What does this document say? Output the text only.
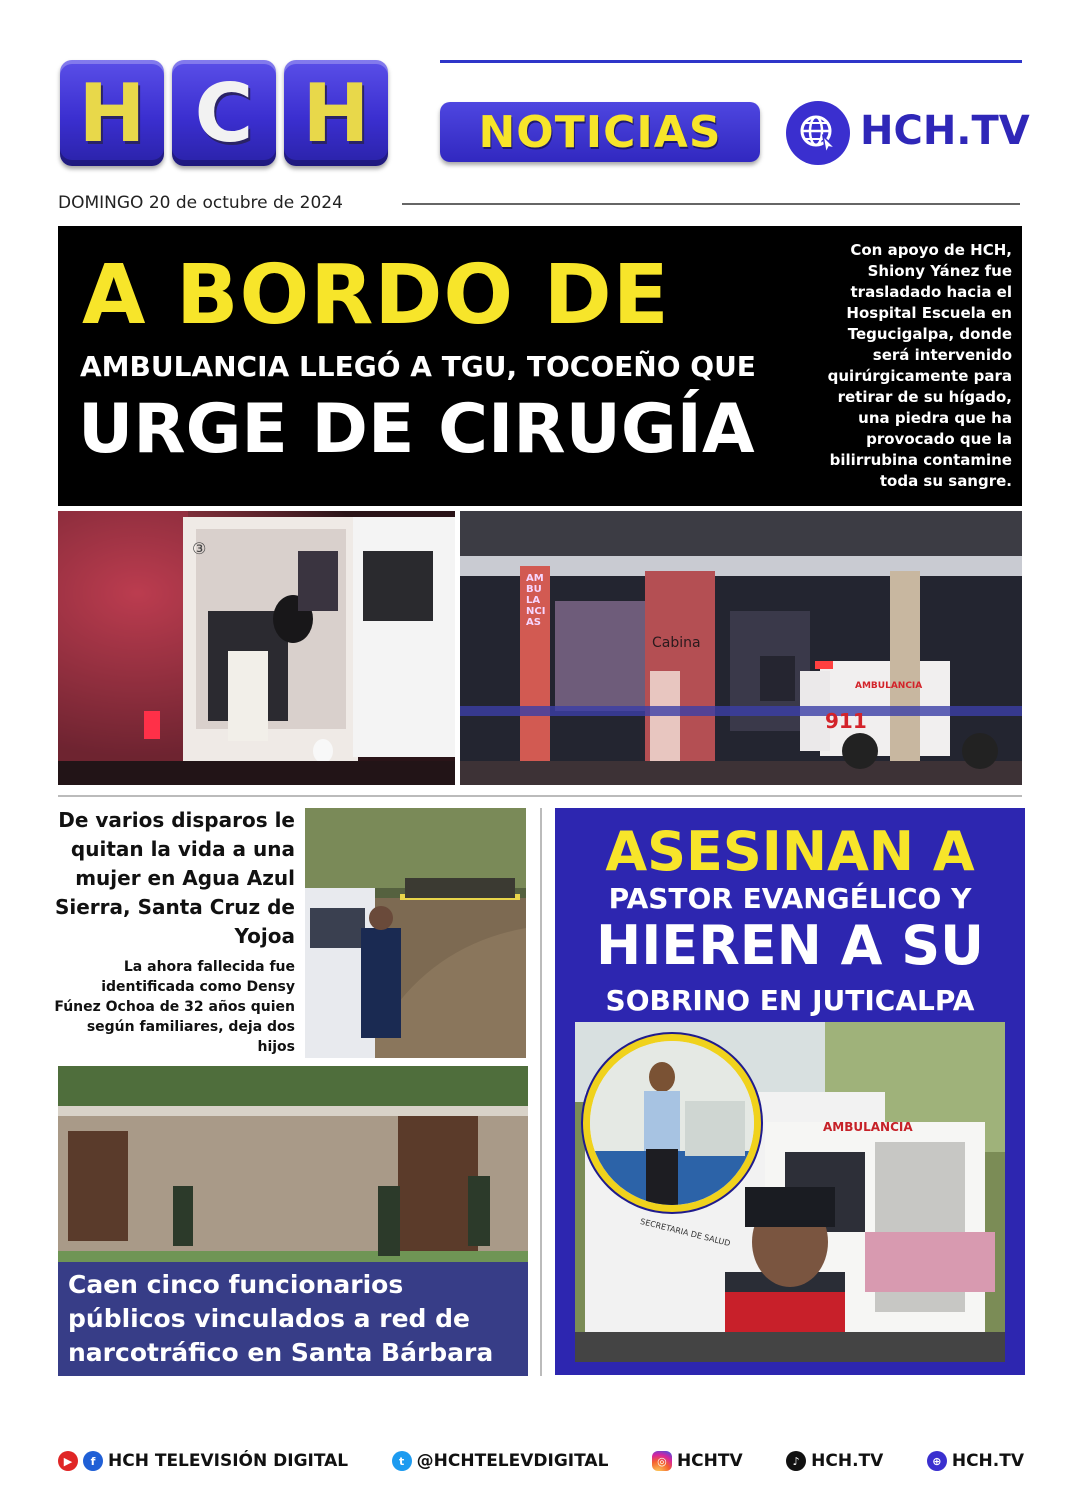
H C H	NOTICIAS	HCH.TV
DOMINGO 20 de octubre de 2024
A BORDO DE
AMBULANCIA LLEGÓ A TGU, TOCOEÑO QUE
URGE DE CIRUGÍA
Con apoyo de HCH, Shiony Yánez fue trasladado hacia el Hospital Escuela en Tegucigalpa, donde será intervenido quirúrgicamente para retirar de su hígado, una piedra que ha provocado que la bilirrubina contamine toda su sangre.
③
AMBULANCIAS
Cabina
911
AMBULANCIA
De varios disparos le quitan la vida a una mujer en Agua Azul Sierra, Santa Cruz de Yojoa
La ahora fallecida fue identificada como Densy Fúnez Ochoa de 32 años quien según familiares, deja dos hijos
Caen cinco funcionarios públicos vinculados a red de narcotráfico en Santa Bárbara
ASESINAN A
PASTOR EVANGÉLICO Y
HIEREN A SU
SOBRINO EN JUTICALPA
AMBULANCIA
SECRETARIA DE SALUD
▶	f HCH TELEVISIÓN DIGITAL	t @HCHTELEVDIGITAL	◎ HCHTV	♪ HCH.TV	⊕ HCH.TV
